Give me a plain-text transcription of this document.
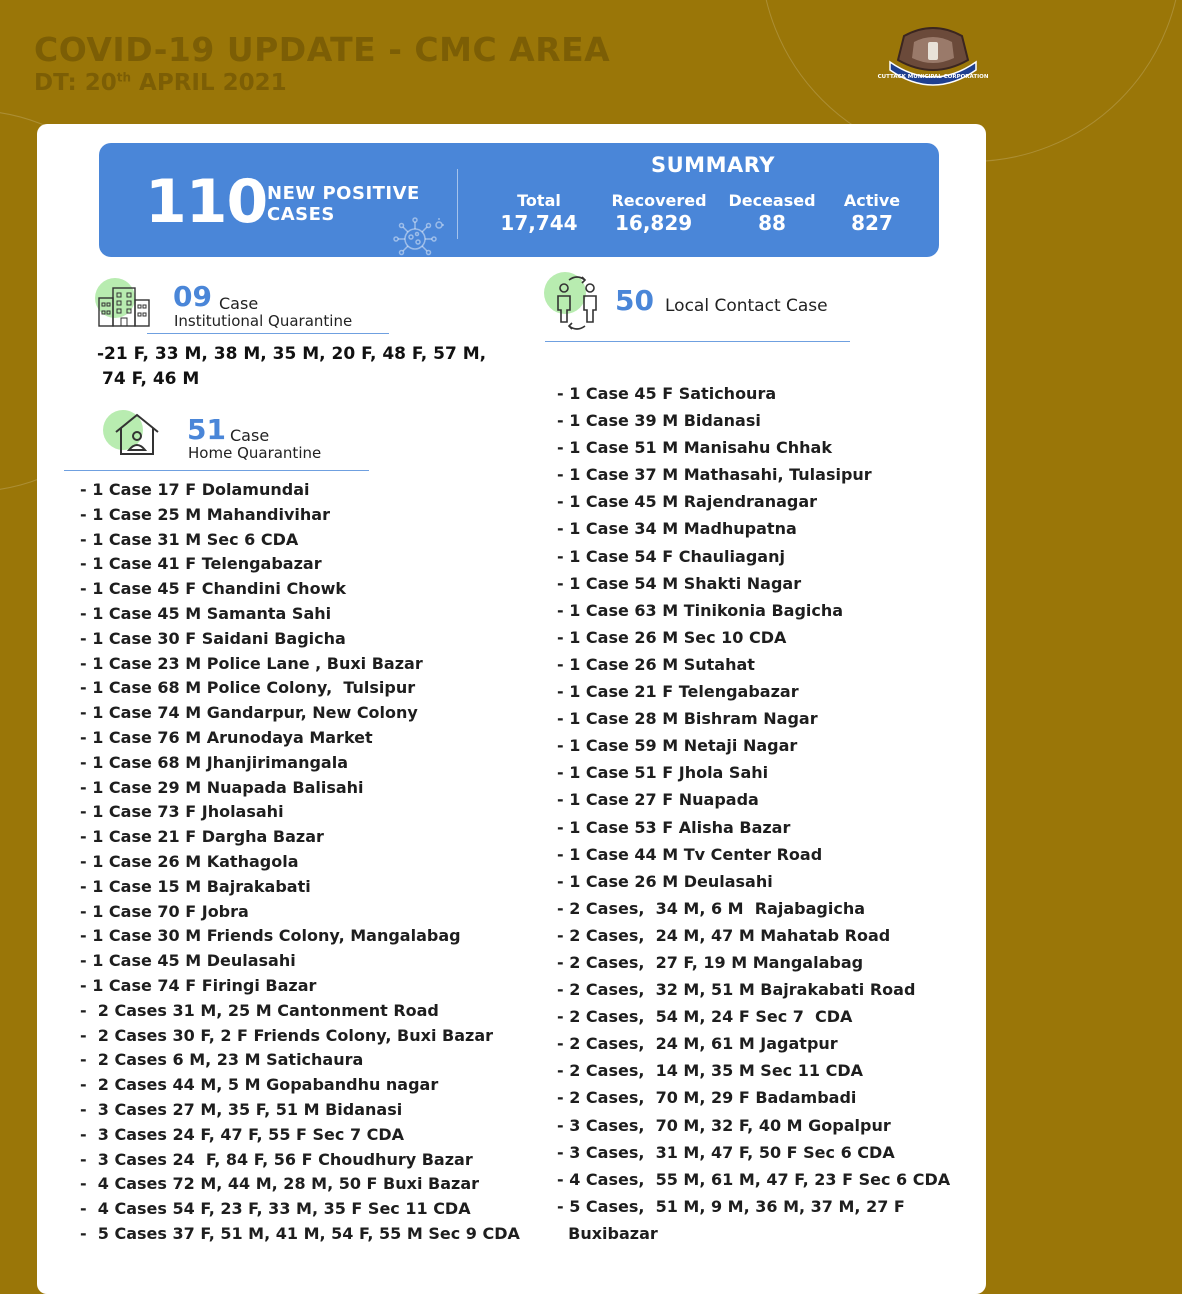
COVID-19 UPDATE - CMC AREA
DT: 20th APRIL 2021	CUTTACK MUNICIPAL CORPORATION
110 NEW POSITIVE
CASES
SUMMARY
Total
17,744
Recovered
16,829
Deceased
88
Active
827
09 Case
Institutional Quarantine
-21 F, 33 M, 38 M, 35 M, 20 F, 48 F, 57 M,
74 F, 46 M
51 Case
Home Quarantine
- 1 Case 17 F Dolamundai
- 1 Case 25 M Mahandivihar
- 1 Case 31 M Sec 6 CDA
- 1 Case 41 F Telengabazar
- 1 Case 45 F Chandini Chowk
- 1 Case 45 M Samanta Sahi
- 1 Case 30 F Saidani Bagicha
- 1 Case 23 M Police Lane , Buxi Bazar
- 1 Case 68 M Police Colony,  Tulsipur
- 1 Case 74 M Gandarpur, New Colony
- 1 Case 76 M Arunodaya Market
- 1 Case 68 M Jhanjirimangala
- 1 Case 29 M Nuapada Balisahi
- 1 Case 73 F Jholasahi
- 1 Case 21 F Dargha Bazar
- 1 Case 26 M Kathagola
- 1 Case 15 M Bajrakabati
- 1 Case 70 F Jobra
- 1 Case 30 M Friends Colony, Mangalabag
- 1 Case 45 M Deulasahi
- 1 Case 74 F Firingi Bazar
-  2 Cases 31 M, 25 M Cantonment Road
-  2 Cases 30 F, 2 F Friends Colony, Buxi Bazar
-  2 Cases 6 M, 23 M Satichaura
-  2 Cases 44 M, 5 M Gopabandhu nagar
-  3 Cases 27 M, 35 F, 51 M Bidanasi
-  3 Cases 24 F, 47 F, 55 F Sec 7 CDA
-  3 Cases 24  F, 84 F, 56 F Choudhury Bazar
-  4 Cases 72 M, 44 M, 28 M, 50 F Buxi Bazar
-  4 Cases 54 F, 23 F, 33 M, 35 F Sec 11 CDA
-  5 Cases 37 F, 51 M, 41 M, 54 F, 55 M Sec 9 CDA
50 Local Contact Case
- 1 Case 45 F Satichoura
- 1 Case 39 M Bidanasi
- 1 Case 51 M Manisahu Chhak
- 1 Case 37 M Mathasahi, Tulasipur
- 1 Case 45 M Rajendranagar
- 1 Case 34 M Madhupatna
- 1 Case 54 F Chauliaganj
- 1 Case 54 M Shakti Nagar
- 1 Case 63 M Tinikonia Bagicha
- 1 Case 26 M Sec 10 CDA
- 1 Case 26 M Sutahat
- 1 Case 21 F Telengabazar
- 1 Case 28 M Bishram Nagar
- 1 Case 59 M Netaji Nagar
- 1 Case 51 F Jhola Sahi
- 1 Case 27 F Nuapada
- 1 Case 53 F Alisha Bazar
- 1 Case 44 M Tv Center Road
- 1 Case 26 M Deulasahi
- 2 Cases,  34 M, 6 M  Rajabagicha
- 2 Cases,  24 M, 47 M Mahatab Road
- 2 Cases,  27 F, 19 M Mangalabag
- 2 Cases,  32 M, 51 M Bajrakabati Road
- 2 Cases,  54 M, 24 F Sec 7  CDA
- 2 Cases,  24 M, 61 M Jagatpur
- 2 Cases,  14 M, 35 M Sec 11 CDA
- 2 Cases,  70 M, 29 F Badambadi
- 3 Cases,  70 M, 32 F, 40 M Gopalpur
- 3 Cases,  31 M, 47 F, 50 F Sec 6 CDA
- 4 Cases,  55 M, 61 M, 47 F, 23 F Sec 6 CDA
- 5 Cases,  51 M, 9 M, 36 M, 37 M, 27 F
Buxibazar
